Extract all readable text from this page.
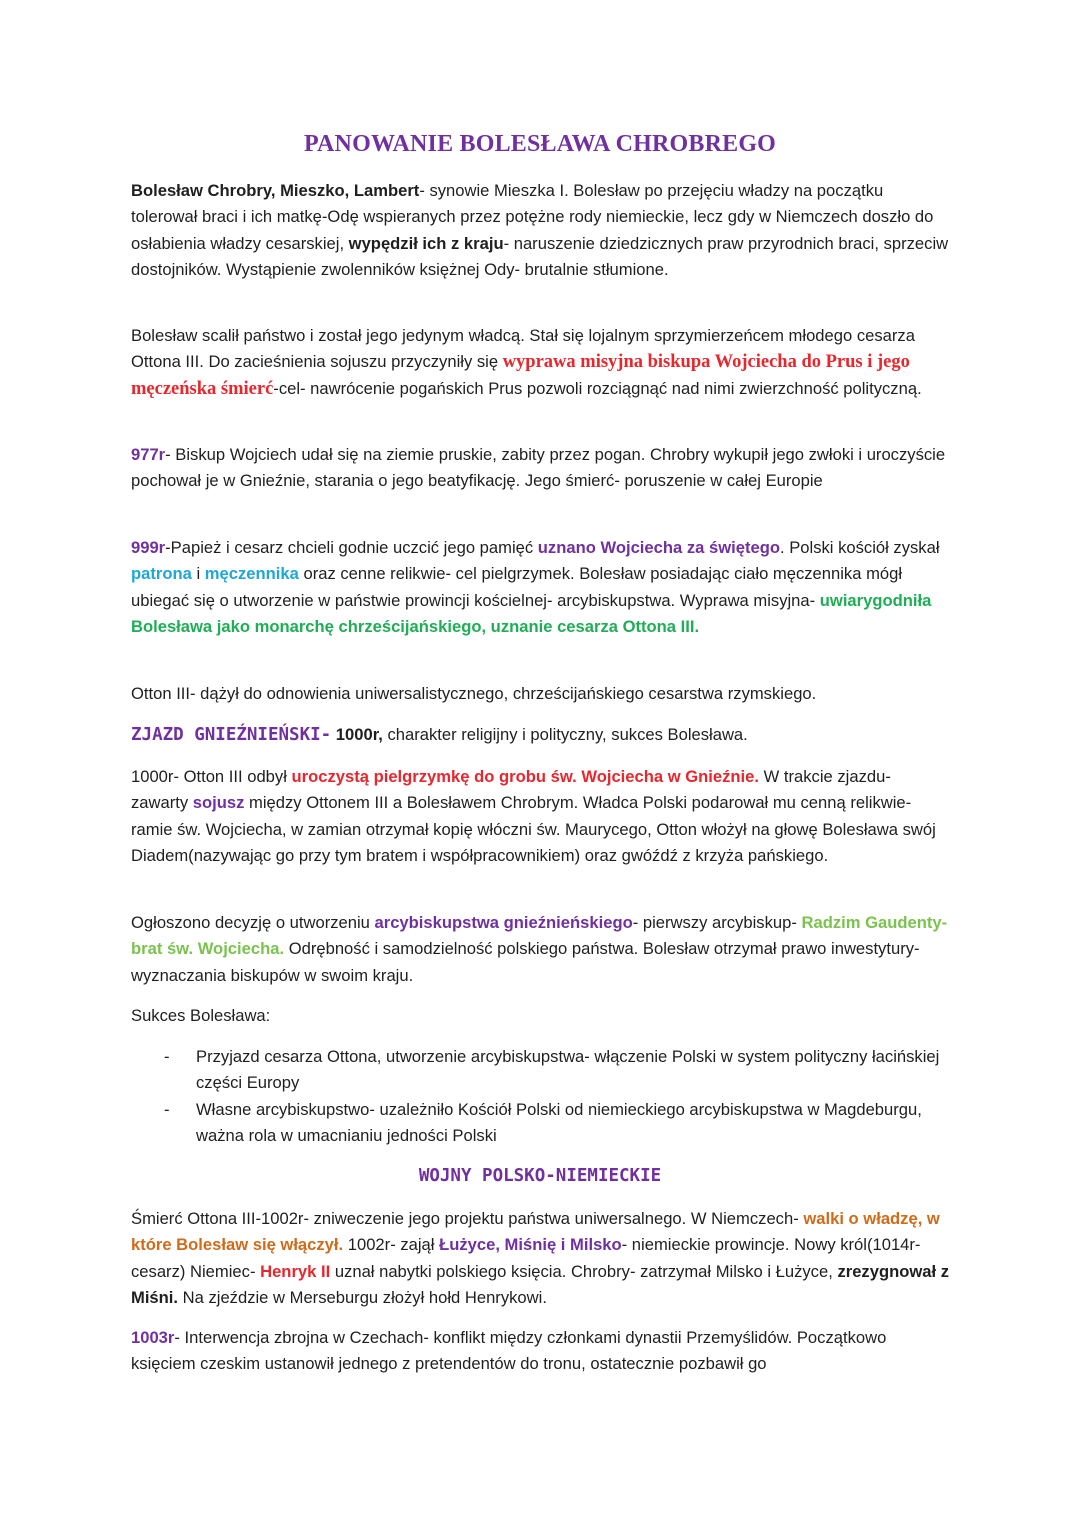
PANOWANIE BOLESŁAWA CHROBREGO

Bolesław Chrobry, Mieszko, Lambert- synowie Mieszka I. Bolesław po przejęciu władzy na początku tolerował braci i ich matkę-Odę wspieranych przez potężne rody niemieckie, lecz gdy w Niemczech doszło do osłabienia władzy cesarskiej, wypędził ich z kraju- naruszenie dziedzicznych praw przyrodnich braci, sprzeciw dostojników. Wystąpienie zwolenników księżnej Ody- brutalnie stłumione.

Bolesław scalił państwo i został jego jedynym władcą. Stał się lojalnym sprzymierzeńcem młodego cesarza Ottona III. Do zacieśnienia sojuszu przyczyniły się wyprawa misyjna biskupa Wojciecha do Prus i jego męczeńska śmierć-cel- nawrócenie pogańskich Prus pozwoli rozciągnąć nad nimi zwierzchność polityczną.

977r- Biskup Wojciech udał się na ziemie pruskie, zabity przez pogan. Chrobry wykupił jego zwłoki i uroczyście pochował je w Gnieźnie, starania o jego beatyfikację. Jego śmierć- poruszenie w całej Europie

999r-Papież i cesarz chcieli godnie uczcić jego pamięć uznano Wojciecha za świętego. Polski kościół zyskał patrona i męczennika oraz cenne relikwie- cel pielgrzymek. Bolesław posiadając ciało męczennika mógł ubiegać się o utworzenie w państwie prowincji kościelnej- arcybiskupstwa. Wyprawa misyjna- uwiarygodniła Bolesława jako monarchę chrześcijańskiego, uznanie cesarza Ottona III.

Otton III- dążył do odnowienia uniwersalistycznego, chrześcijańskiego cesarstwa rzymskiego.

ZJAZD GNIEŹNIEŃSKI- 1000r, charakter religijny i polityczny, sukces Bolesława.

1000r- Otton III odbył uroczystą pielgrzymkę do grobu św. Wojciecha w Gnieźnie. W trakcie zjazdu- zawarty sojusz między Ottonem III a Bolesławem Chrobrym. Władca Polski podarował mu cenną relikwie- ramie św. Wojciecha, w zamian otrzymał kopię włóczni św. Maurycego, Otton włożył na głowę Bolesława swój Diadem(nazywając go przy tym bratem i współpracownikiem) oraz gwóźdź z krzyża pańskiego.

Ogłoszono decyzję o utworzeniu arcybiskupstwa gnieźnieńskiego- pierwszy arcybiskup- Radzim Gaudenty- brat św. Wojciecha. Odrębność i samodzielność polskiego państwa. Bolesław otrzymał prawo inwestytury- wyznaczania biskupów w swoim kraju.

Sukces Bolesława:

- Przyjazd cesarza Ottona, utworzenie arcybiskupstwa- włączenie Polski w system polityczny łacińskiej części Europy
- Własne arcybiskupstwo- uzależniło Kościół Polski od niemieckiego arcybiskupstwa w Magdeburgu, ważna rola w umacnianiu jedności Polski
WOJNY POLSKO-NIEMIECKIE

Śmierć Ottona III-1002r- zniweczenie jego projektu państwa uniwersalnego. W Niemczech- walki o władzę, w które Bolesław się włączył. 1002r- zajął Łużyce, Miśnię i Milsko- niemieckie prowincje. Nowy król(1014r-cesarz) Niemiec- Henryk II uznał nabytki polskiego księcia. Chrobry- zatrzymał Milsko i Łużyce, zrezygnował z Miśni. Na zjeździe w Merseburgu złożył hołd Henrykowi.

1003r- Interwencja zbrojna w Czechach- konflikt między członkami dynastii Przemyślidów. Początkowo księciem czeskim ustanowił jednego z pretendentów do tronu, ostatecznie pozbawił go
